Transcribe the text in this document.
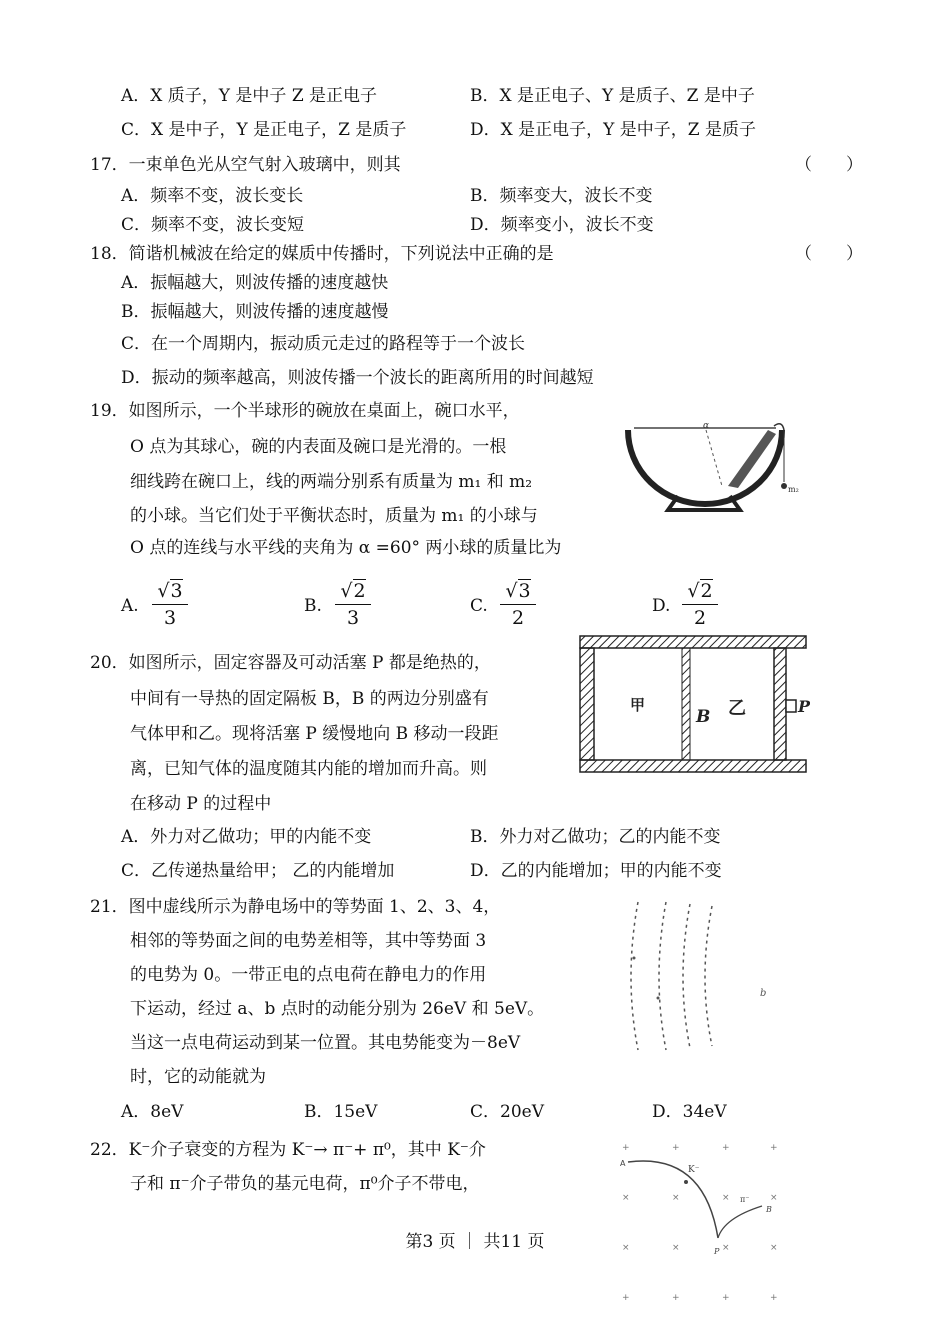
A．X 质子，Y 是中子 Z 是正电子	B．X 是正电子、Y 是质子、Z 是中子
C．X 是中子，Y 是正电子，Z 是质子	D．X 是正电子，Y 是中子，Z 是质子
17．一束单色光从空气射入玻璃中，则其	（　　）
A．频率不变，波长变长	B．频率变大，波长不变
C．频率不变，波长变短	D．频率变小，波长不变
18．简谐机械波在给定的媒质中传播时，下列说法中正确的是	（　　）
A．振幅越大，则波传播的速度越快
B．振幅越大，则波传播的速度越慢
C．在一个周期内，振动质元走过的路程等于一个波长
D．振动的频率越高，则波传播一个波长的距离所用的时间越短
19．如图所示，一个半球形的碗放在桌面上，碗口水平，
O 点为其球心，碗的内表面及碗口是光滑的。一根
细线跨在碗口上，线的两端分别系有质量为 m₁ 和 m₂
的小球。当它们处于平衡状态时，质量为 m₁ 的小球与
O 点的连线与水平线的夹角为 α =60° 两小球的质量比为
α
m₂
A. $\frac{√3}{3}$	B. $\frac{√2}{3}$	C. $\frac{√3}{2}$	D. $\frac{√2}{2}$
20．如图所示，固定容器及可动活塞 P 都是绝热的，
中间有一导热的固定隔板 B，B 的两边分别盛有
气体甲和乙。现将活塞 P 缓慢地向 B 移动一段距
离，已知气体的温度随其内能的增加而升高。则
在移动 P 的过程中
甲
B 乙	P
A．外力对乙做功；甲的内能不变	B．外力对乙做功；乙的内能不变
C．乙传递热量给甲； 乙的内能增加	D．乙的内能增加；甲的内能不变
21．图中虚线所示为静电场中的等势面 1、2、3、4，
相邻的等势面之间的电势差相等，其中等势面 3
的电势为 0。一带正电的点电荷在静电力的作用
下运动，经过 a、b 点时的动能分别为 26eV 和 5eV。
当这一点电荷运动到某一位置。其电势能变为－8eV
时，它的动能就为
b
A．8eV	B．15eV	C．20eV	D．34eV
22．K⁻介子衰变的方程为 K⁻→ π⁻+ π⁰，其中 K⁻介
子和 π⁻介子带负的基元电荷，π⁰介子不带电，
+	+	+	+
×	×	×	×
×	×	×	×
+	+	+	+
A
K⁻
π⁻
B
P
第3 页 ｜ 共11 页
